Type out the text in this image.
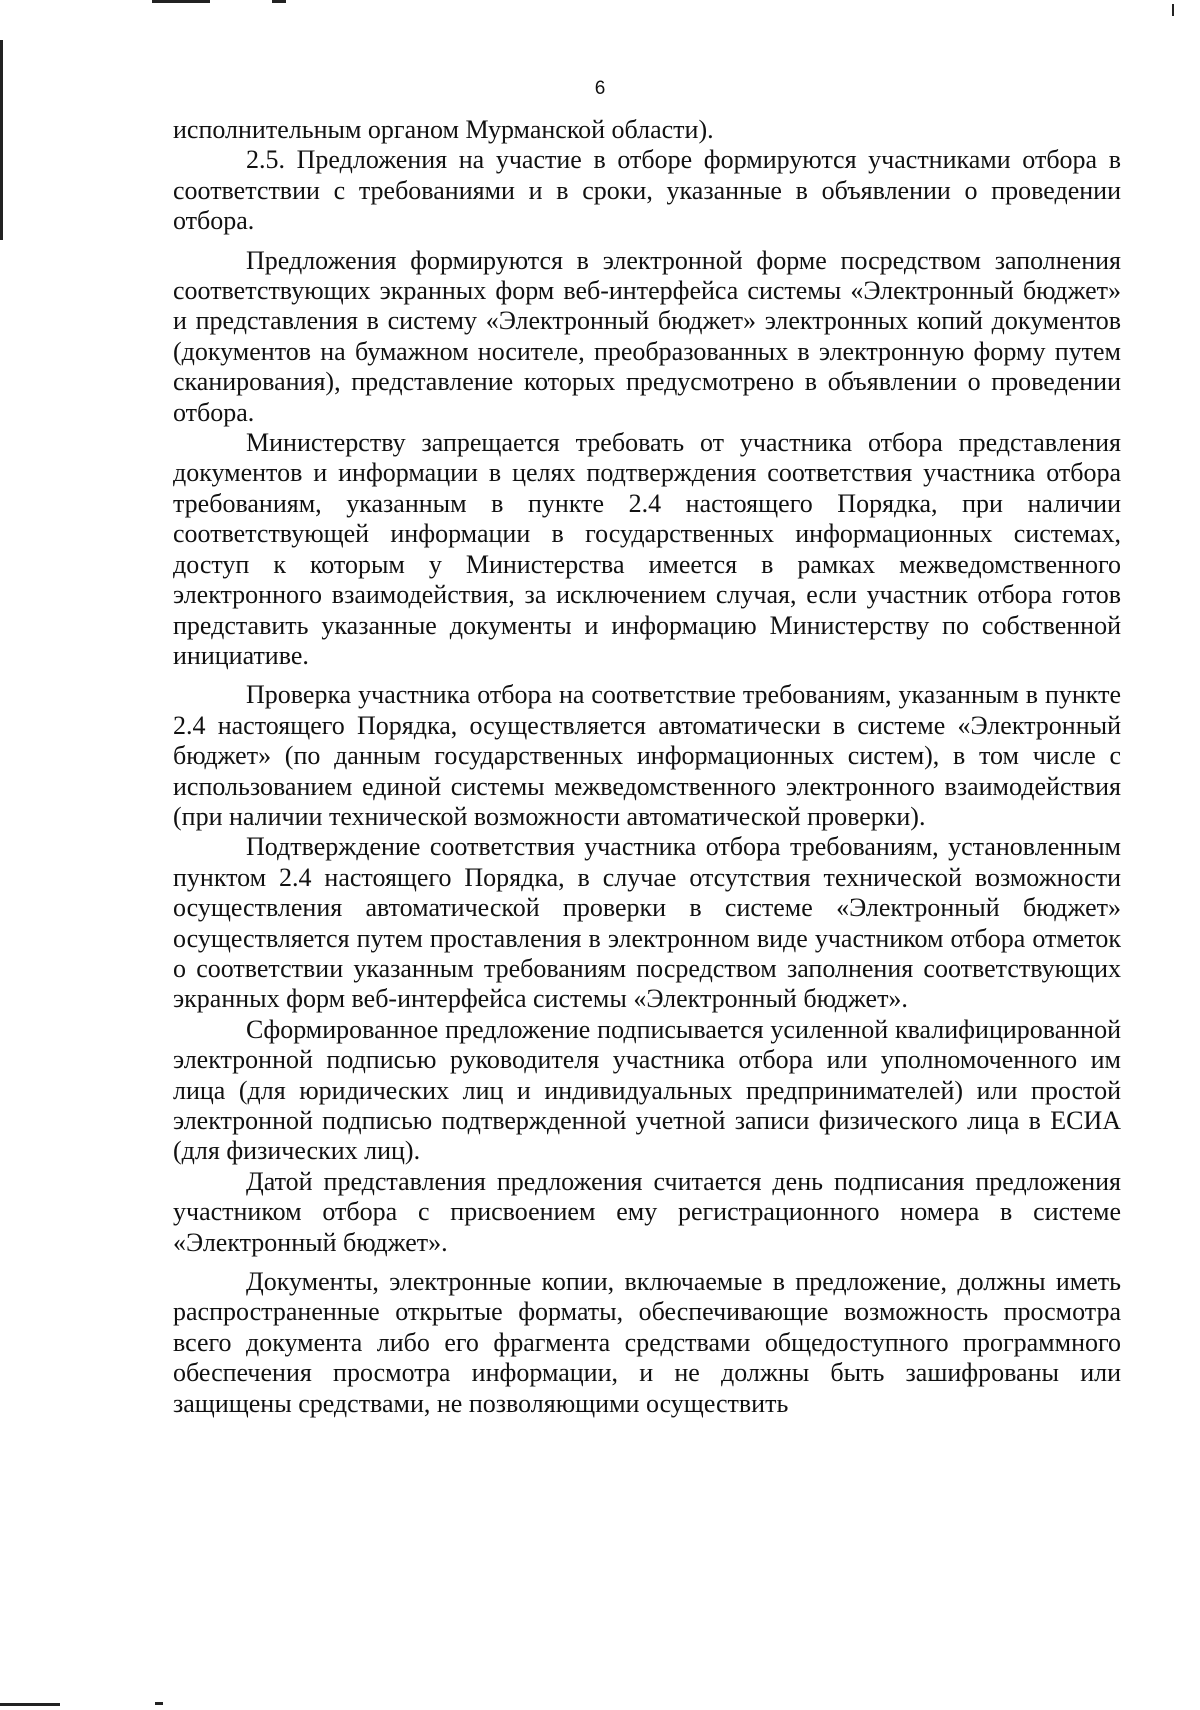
6

исполнительным органом Мурманской области).

2.5. Предложения на участие в отборе формируются участниками отбора в соответствии с требованиями и в сроки, указанные в объявлении о проведении отбора.

Предложения формируются в электронной форме посредством заполнения соответствующих экранных форм веб-интерфейса системы «Электронный бюджет» и представления в систему «Электронный бюджет» электронных копий документов (документов на бумажном носителе, преобразованных в электронную форму путем сканирования), представление которых предусмотрено в объявлении о проведении отбора.

Министерству запрещается требовать от участника отбора представления документов и информации в целях подтверждения соответствия участника отбора требованиям, указанным в пункте 2.4 настоящего Порядка, при наличии соответствующей информации в государственных информационных системах, доступ к которым у Министерства имеется в рамках межведомственного электронного взаимодействия, за исключением случая, если участник отбора готов представить указанные документы и информацию Министерству по собственной инициативе.

Проверка участника отбора на соответствие требованиям, указанным в пункте 2.4 настоящего Порядка, осуществляется автоматически в системе «Электронный бюджет» (по данным государственных информационных систем), в том числе с использованием единой системы межведомственного электронного взаимодействия (при наличии технической возможности автоматической проверки).

Подтверждение соответствия участника отбора требованиям, установленным пунктом 2.4 настоящего Порядка, в случае отсутствия технической возможности осуществления автоматической проверки в системе «Электронный бюджет» осуществляется путем проставления в электронном виде участником отбора отметок о соответствии указанным требованиям посредством заполнения соответствующих экранных форм веб-интерфейса системы «Электронный бюджет».

Сформированное предложение подписывается усиленной квалифицированной электронной подписью руководителя участника отбора или уполномоченного им лица (для юридических лиц и индивидуальных предпринимателей) или простой электронной подписью подтвержденной учетной записи физического лица в ЕСИА (для физических лиц).

Датой представления предложения считается день подписания предложения участником отбора с присвоением ему регистрационного номера в системе «Электронный бюджет».

Документы, электронные копии, включаемые в предложение, должны иметь распространенные открытые форматы, обеспечивающие возможность просмотра всего документа либо его фрагмента средствами общедоступного программного обеспечения просмотра информации, и не должны быть зашифрованы или защищены средствами, не позволяющими осуществить
